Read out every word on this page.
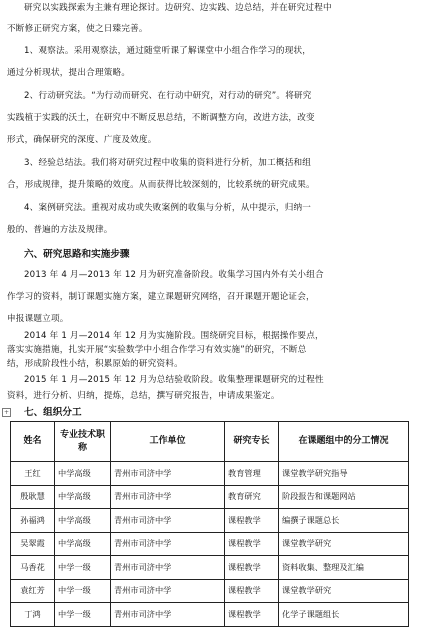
研究以实践探索为主兼有理论探讨。边研究、边实践、边总结，并在研究过程中
不断修正研究方案，使之日臻完善。
1、观察法。采用观察法，通过随堂听课了解课堂中小组合作学习的现状，
通过分析现状，提出合理策略。
2、行动研究法。“为行动而研究、在行动中研究，对行动的研究”。将研究
实践植于实践的沃土，在研究中不断反思总结，不断调整方向，改进方法，改变
形式，确保研究的深度、广度及效度。
3、经验总结法。我们将对研究过程中收集的资料进行分析，加工概括和组
合，形成规律，提升策略的效度。从而获得比较深刻的，比较系统的研究成果。
4、案例研究法。重视对成功或失败案例的收集与分析，从中提示，归纳一
般的、普遍的方法及规律。
六、研究思路和实施步骤
2013 年 4 月—2013 年 12 月为研究准备阶段。收集学习国内外有关小组合
作学习的资料，制订课题实施方案，建立课题研究网络，召开课题开题论证会，
申报课题立项。
2014 年 1 月—2014 年 12 月为实施阶段。围绕研究目标，根据操作要点，
落实实施措施，扎实开展“实验数学中小组合作学习有效实施”的研究，不断总
结，形成阶段性小结，积累原始的研究资料。
+ 七、组织分工
姓名	专业技术职称	工作单位	研究专长	在课题组中的分工情况
王红	中学高级	青州市司济中学	教育管理	课堂教学研究指导
殷耿慧	中学高级	青州市司济中学	教育研究	阶段报告和课题网站
孙福鸿	中学高级	青州市司济中学	课程教学	编撰子课题总长
吴翠霞	中学高级	青州市司济中学	课程教学	课堂教学研究
马香花	中学一级	青州市司济中学	课程教学	资料收集、整理及汇编
袁红芳	中学一级	青州市司济中学	课程教学	课堂教学研究
丁鸿	中学一级	青州市司济中学	课程教学	化学子课题组长
2015 年 1 月—2015 年 12 月为总结验收阶段。收集整理课题研究的过程性
资料，进行分析、归纳，提炼，总结，撰写研究报告，申请成果鉴定。
